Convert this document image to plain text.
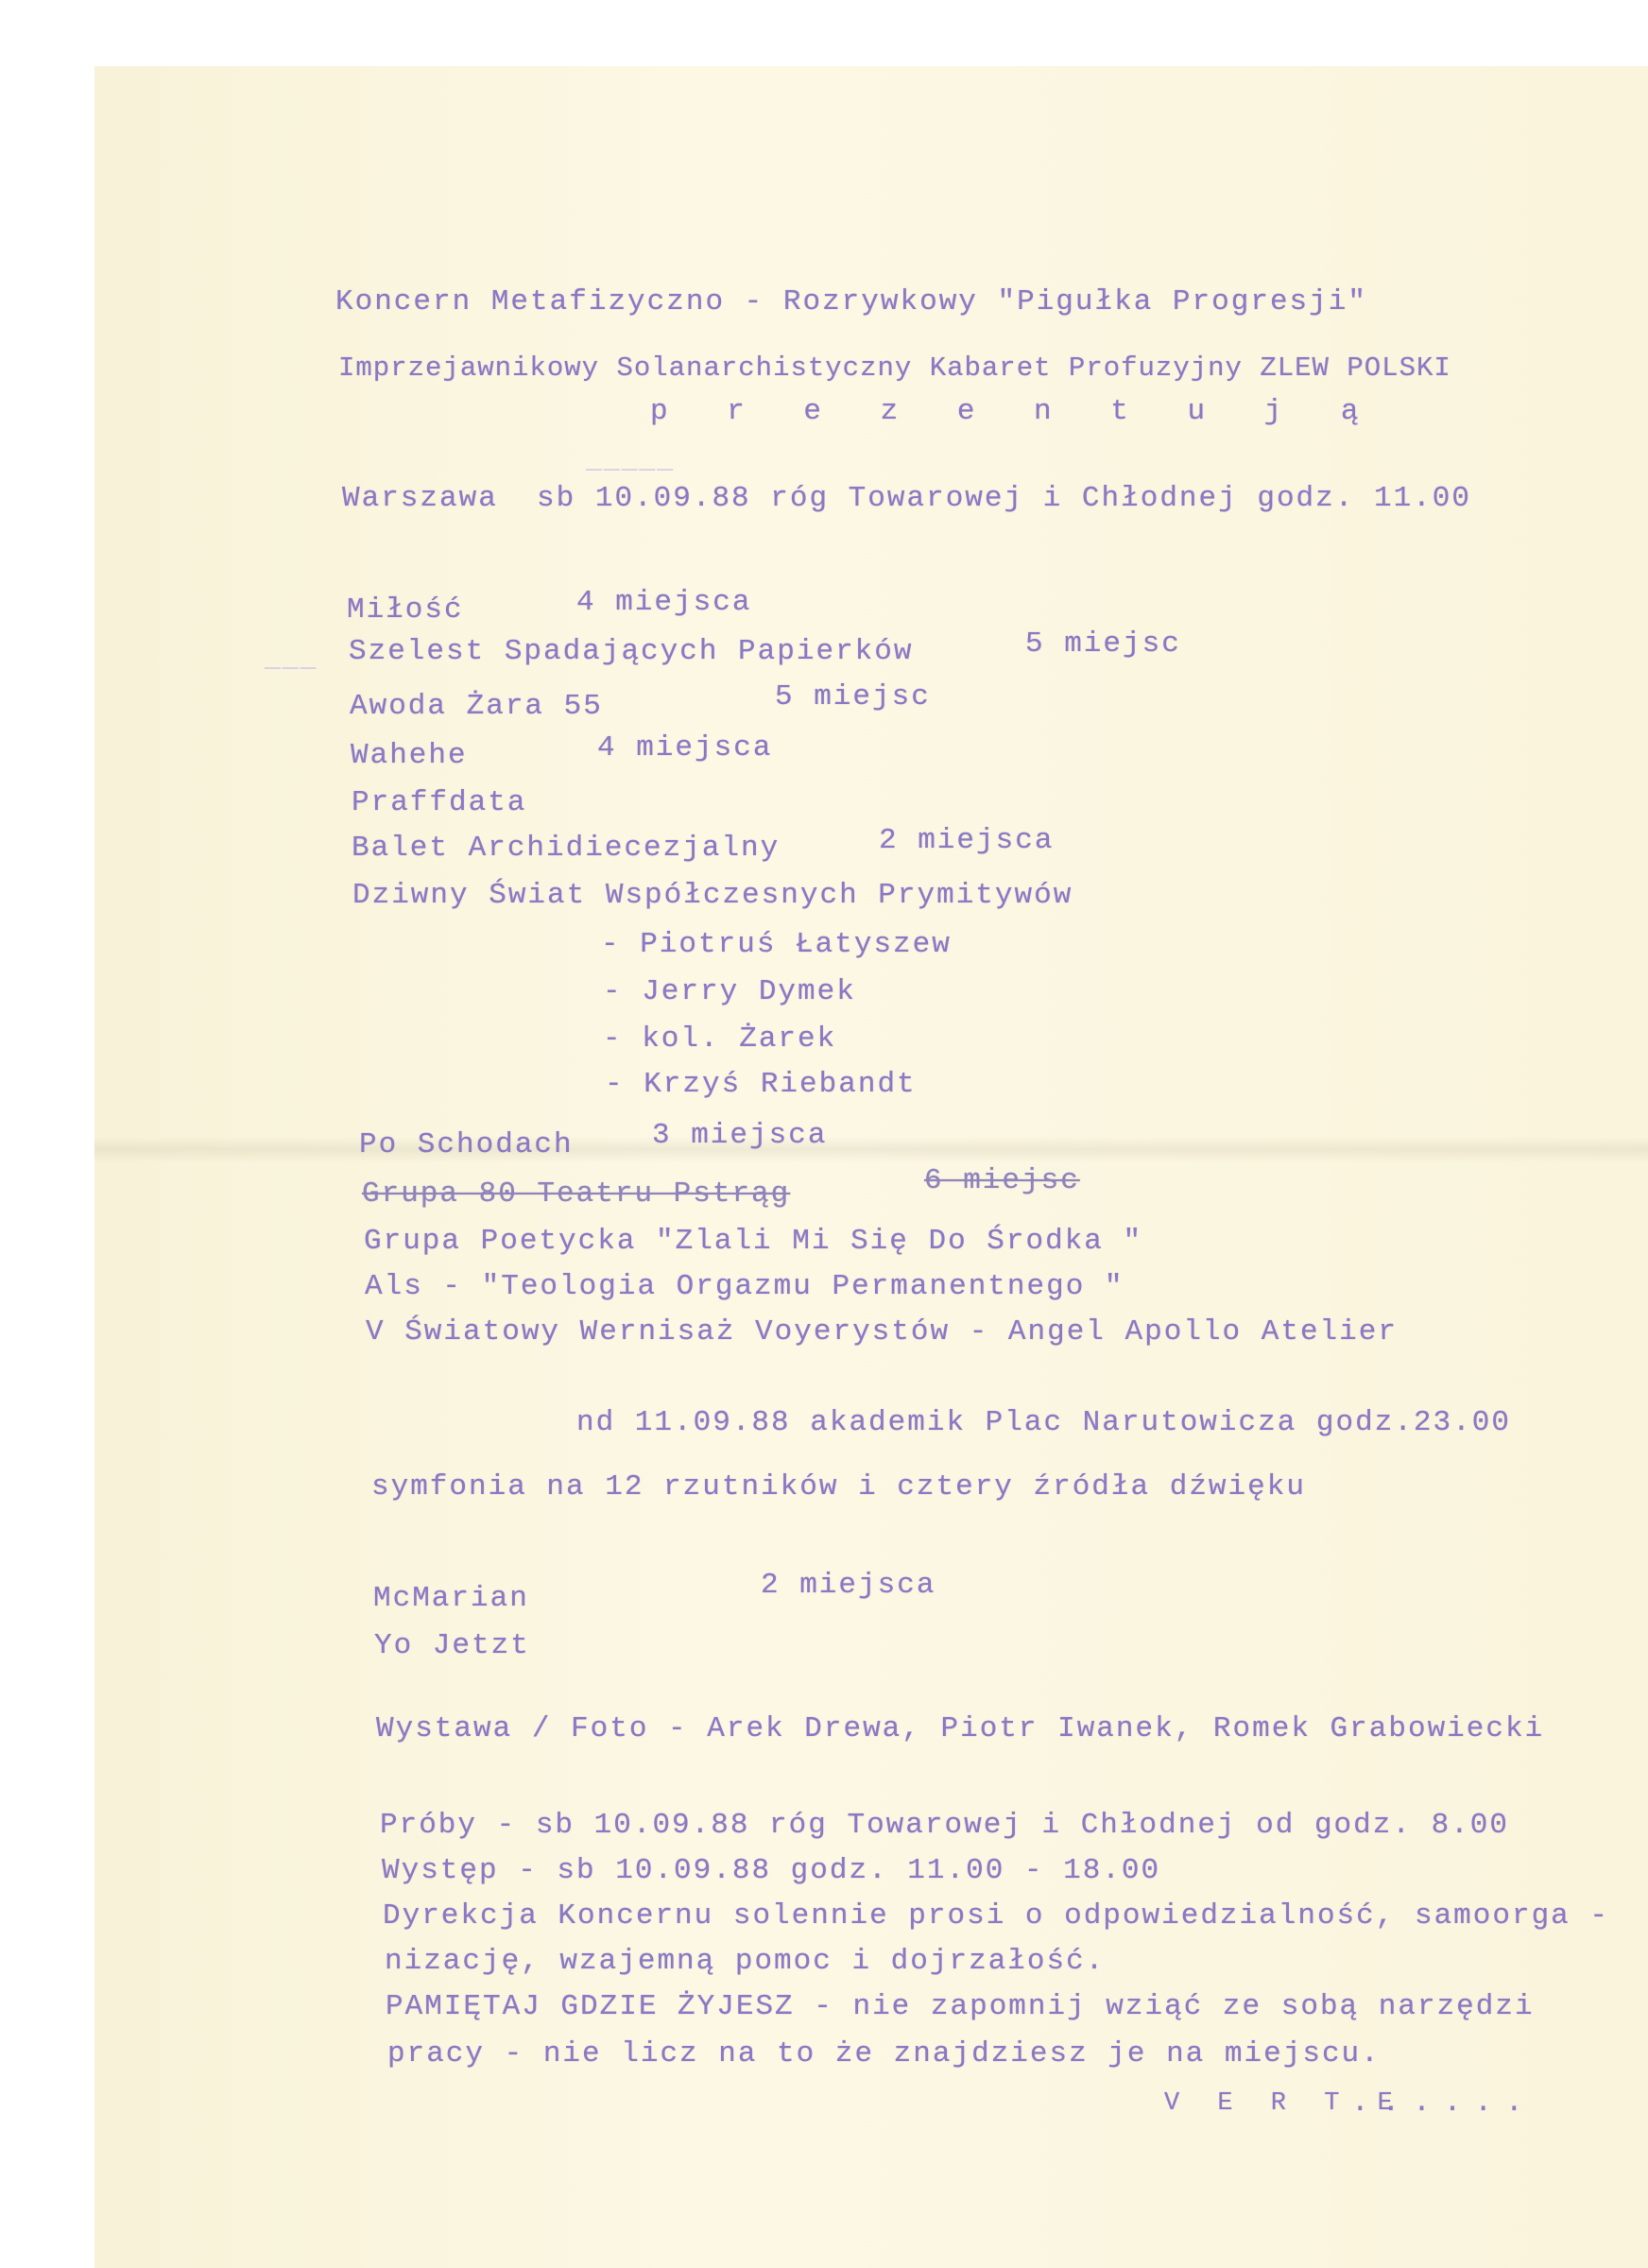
—————
———
Koncern Metafizyczno - Rozrywkowy "Pigułka Progresji"
Imprzejawnikowy Solanarchistyczny Kabaret Profuzyjny ZLEW POLSKI
p r e z e n t u j ą
Warszawa  sb 10.09.88 róg Towarowej i Chłodnej godz. 11.00
Miłość	4 miejsca
Szelest Spadających Papierków	5 miejsc
Awoda Żara 55	5 miejsc
Wahehe	4 miejsca
Praffdata
Balet Archidiecezjalny	2 miejsca
Dziwny Świat Współczesnych Prymitywów
- Piotruś Łatyszew
- Jerry Dymek
- kol. Żarek
- Krzyś Riebandt
Po Schodach	3 miejsca
Grupa 80 Teatru Pstrąg	6 miejsc
Grupa Poetycka "Zlali Mi Się Do Środka "
Als - "Teologia Orgazmu Permanentnego "
V Światowy Wernisaż Voyerystów - Angel Apollo Atelier
nd 11.09.88 akademik Plac Narutowicza godz.23.00
symfonia na 12 rzutników i cztery źródła dźwięku
McMarian	2 miejsca
Yo Jetzt
Wystawa / Foto - Arek Drewa, Piotr Iwanek, Romek Grabowiecki
Próby - sb 10.09.88 róg Towarowej i Chłodnej od godz. 8.00
Występ - sb 10.09.88 godz. 11.00 - 18.00
Dyrekcja Koncernu solennie prosi o odpowiedzialność, samoorga -
nizację, wzajemną pomoc i dojrzałość.
PAMIĘTAJ GDZIE ŻYJESZ - nie zapomnij wziąć ze sobą narzędzi
pracy - nie licz na to że znajdziesz je na miejscu.
V E R T E
......
